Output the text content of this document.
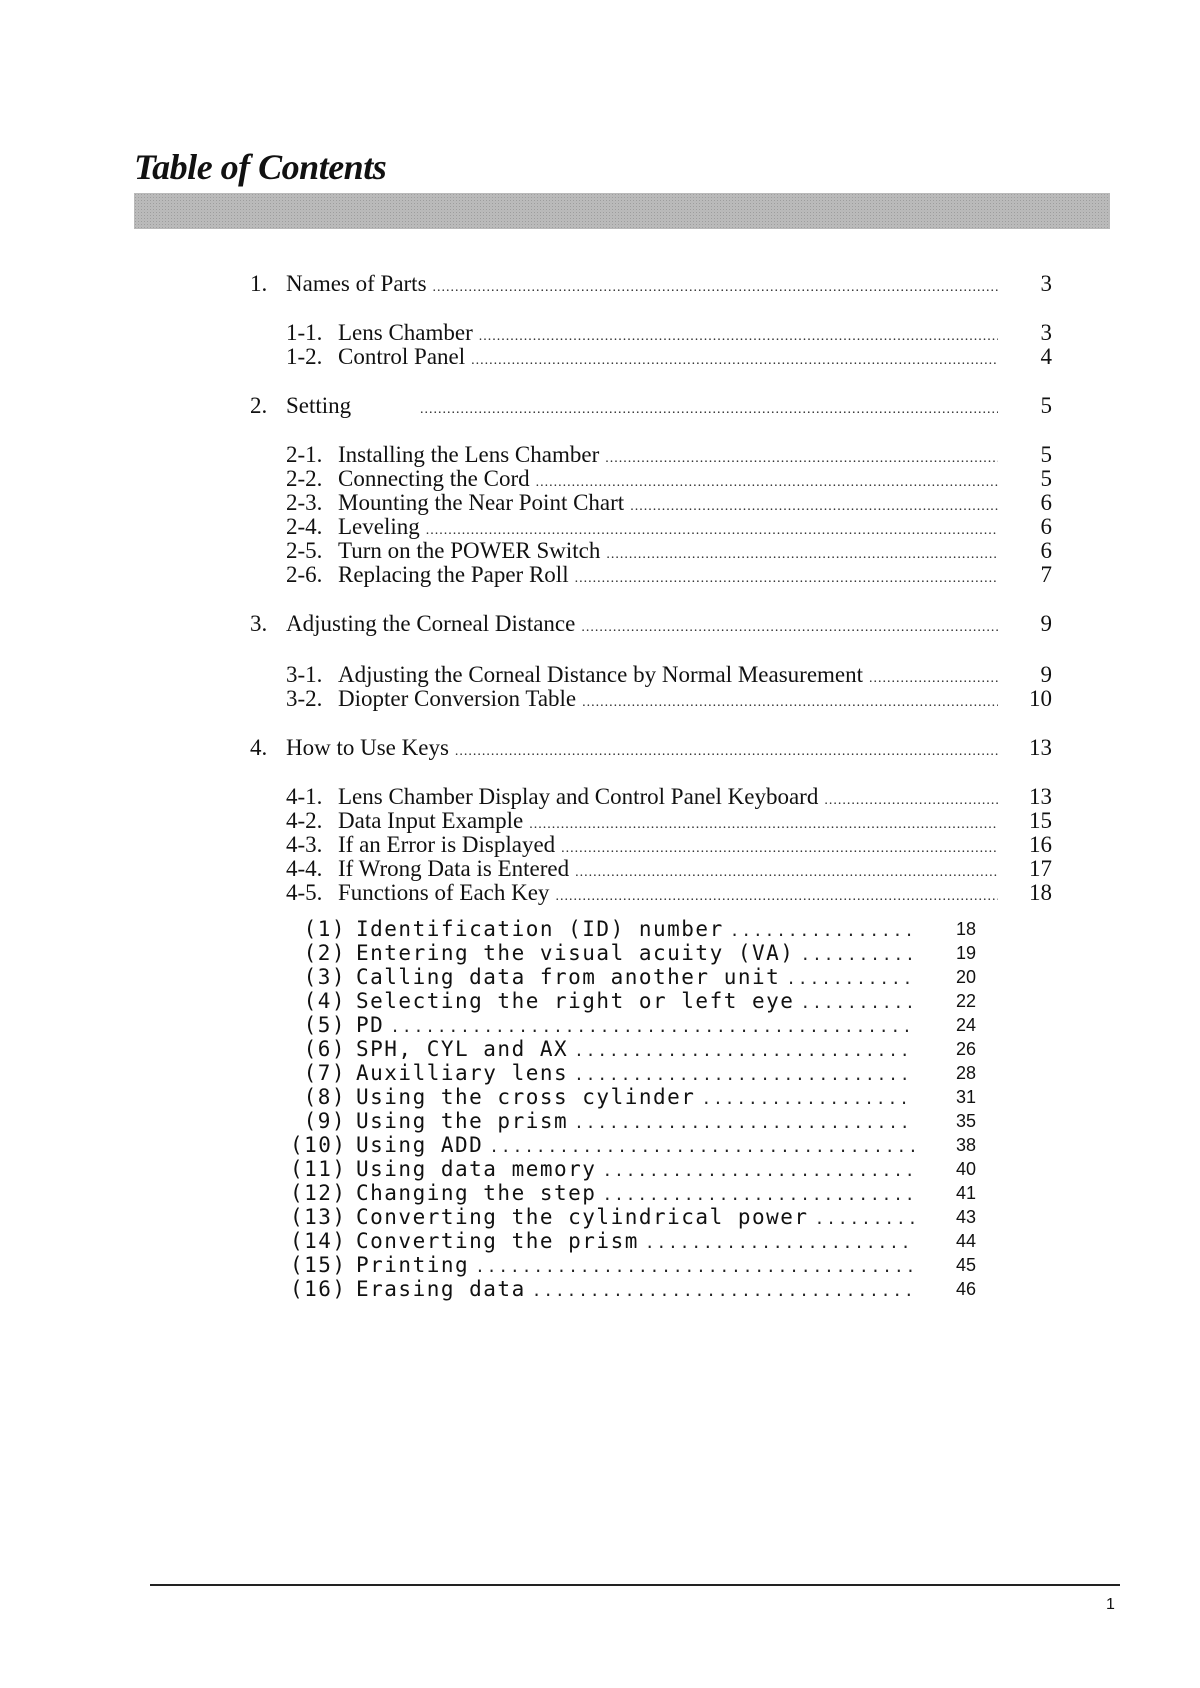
Table of Contents
1. Names of Parts .....	3
1-1. Lens Chamber .....	3
1-2. Control Panel .....	4
2. Setting .....	5
2-1. Installing the Lens Chamber .....	5
2-2. Connecting the Cord .....	5
2-3. Mounting the Near Point Chart .....	6
2-4. Leveling .....	6
2-5. Turn on the POWER Switch .....	6
2-6. Replacing the Paper Roll .....	7
3. Adjusting the Corneal Distance .....	9
3-1. Adjusting the Corneal Distance by Normal Measurement .....	9
3-2. Diopter Conversion Table .....	10
4. How to Use Keys .....	13
4-1. Lens Chamber Display and Control Panel Keyboard .....	13
4-2. Data Input Example .....	15
4-3. If an Error is Displayed .....	16
4-4. If Wrong Data is Entered .....	17
4-5. Functions of Each Key .....	18
(1) Identification (ID) number .....	18
(2) Entering the visual acuity (VA) .....	19
(3) Calling data from another unit .....	20
(4) Selecting the right or left eye .....	22
(5) PD .....	24
(6) SPH, CYL and AX .....	26
(7) Auxilliary lens .....	28
(8) Using the cross cylinder .....	31
(9) Using the prism .....	35
(10) Using ADD .....	38
(11) Using data memory .....	40
(12) Changing the step .....	41
(13) Converting the cylindrical power .....	43
(14) Converting the prism .....	44
(15) Printing .....	45
(16) Erasing data .....	46
1
